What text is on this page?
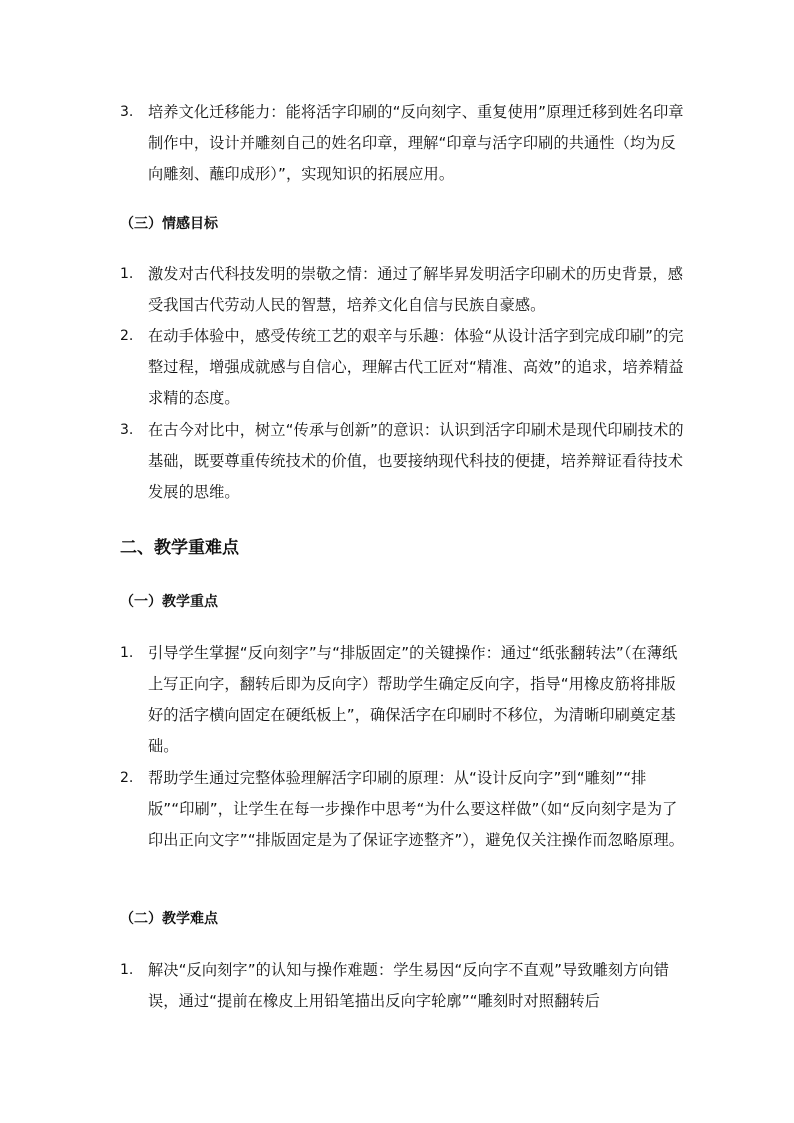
3. 培养文化迁移能力：能将活字印刷的“反向刻字、重复使用”原理迁移到姓名印章制作中，设计并雕刻自己的姓名印章，理解“印章与活字印刷的共通性（均为反向雕刻、蘸印成形）”，实现知识的拓展应用。
（三）情感目标
1. 激发对古代科技发明的崇敬之情：通过了解毕昇发明活字印刷术的历史背景，感受我国古代劳动人民的智慧，培养文化自信与民族自豪感。
2. 在动手体验中，感受传统工艺的艰辛与乐趣：体验“从设计活字到完成印刷”的完整过程，增强成就感与自信心，理解古代工匠对“精准、高效”的追求，培养精益求精的态度。
3. 在古今对比中，树立“传承与创新”的意识：认识到活字印刷术是现代印刷技术的基础，既要尊重传统技术的价值，也要接纳现代科技的便捷，培养辩证看待技术发展的思维。
二、教学重难点
（一）教学重点
1. 引导学生掌握“反向刻字”与“排版固定”的关键操作：通过“纸张翻转法”（在薄纸上写正向字，翻转后即为反向字）帮助学生确定反向字，指导“用橡皮筋将排版好的活字横向固定在硬纸板上”，确保活字在印刷时不移位，为清晰印刷奠定基础。
2. 帮助学生通过完整体验理解活字印刷的原理：从“设计反向字”到“雕刻”“排版”“印刷”，让学生在每一步操作中思考“为什么要这样做”（如“反向刻字是为了印出正向文字”“排版固定是为了保证字迹整齐”），避免仅关注操作而忽略原理。
（二）教学难点
1. 解决“反向刻字”的认知与操作难题：学生易因“反向字不直观”导致雕刻方向错误，通过“提前在橡皮上用铅笔描出反向字轮廓”“雕刻时对照翻转后
